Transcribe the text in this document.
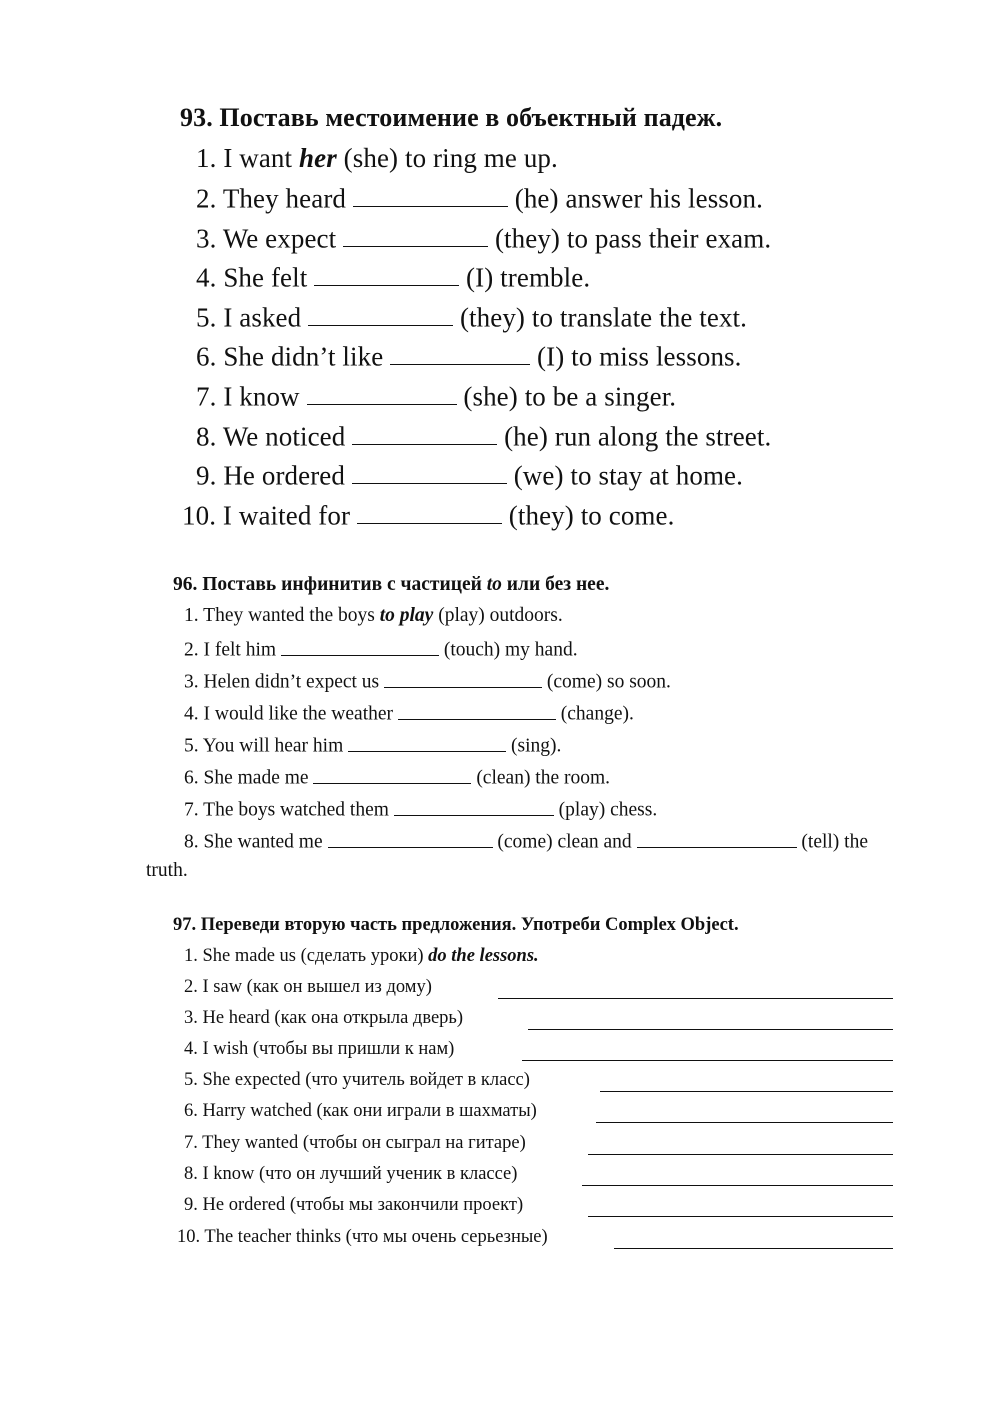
93. Поставь местоимение в объектный падеж.
1. I want her (she) to ring me up.
2. They heard	(he) answer his lesson.
3. We expect	(they) to pass their exam.
4. She felt	(I) tremble.
5. I asked	(they) to translate the text.
6. She didn’t like	(I) to miss lessons.
7. I know	(she) to be a singer.
8. We noticed	(he) run along the street.
9. He ordered	(we) to stay at home.
10. I waited for	(they) to come.
96. Поставь инфинитив с частицей to или без нее.
1. They wanted the boys to play (play) outdoors.
2. I felt him	(touch) my hand.
3. Helen didn’t expect us	(come) so soon.
4. I would like the weather	(change).
5. You will hear him	(sing).
6. She made me	(clean) the room.
7. The boys watched them	(play) chess.
8. She wanted me	(come) clean and	(tell) the
truth.
97. Переведи вторую часть предложения. Употреби Complex Object.
1. She made us (сделать уроки) do the lessons.
2. I saw (как он вышел из дому)
3. He heard (как она открыла дверь)
4. I wish (чтобы вы пришли к нам)
5. She expected (что учитель войдет в класс)
6. Harry watched (как они играли в шахматы)
7. They wanted (чтобы он сыграл на гитаре)
8. I know (что он лучший ученик в классе)
9. He ordered (чтобы мы закончили проект)
10. The teacher thinks (что мы очень серьезные)
